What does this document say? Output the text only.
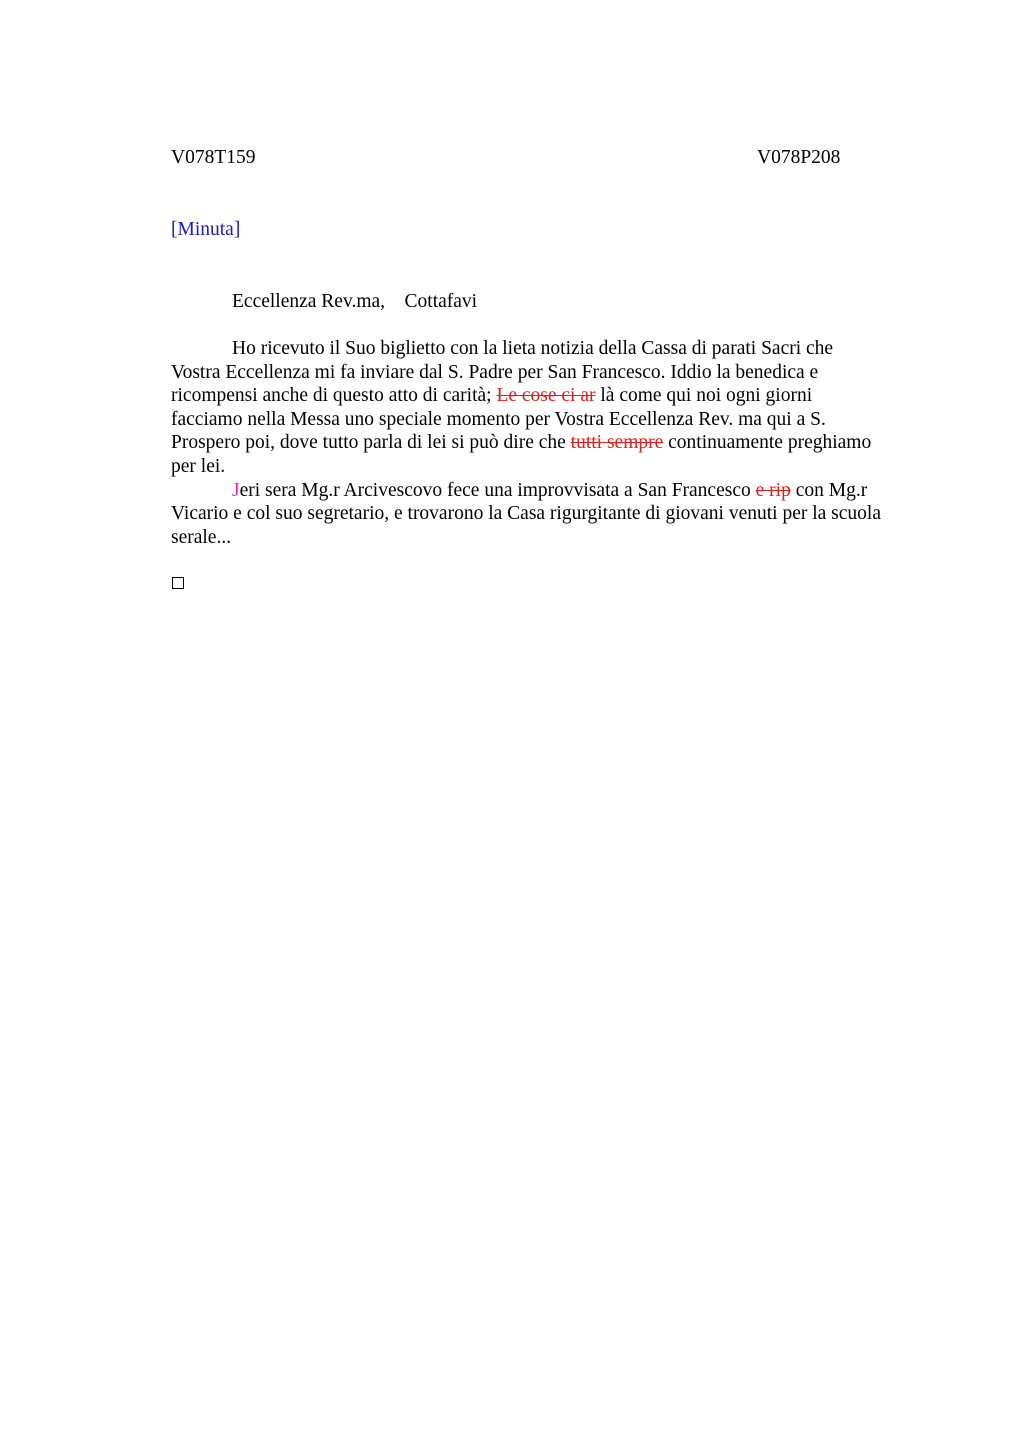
V078T159	V078P208
[Minuta]
Eccellenza Rev.ma, Cottafavi
Ho ricevuto il Suo biglietto con la lieta notizia della Cassa di parati Sacri che
Vostra Eccellenza mi fa inviare dal S. Padre per San Francesco. Iddio la benedica e
ricompensi anche di questo atto di carità; Le cose ci ar là come qui noi ogni giorni
facciamo nella Messa uno speciale momento per Vostra Eccellenza Rev. ma qui a S.
Prospero poi, dove tutto parla di lei si può dire che tutti sempre continuamente preghiamo
per lei.
Jeri sera Mg.r Arcivescovo fece una improvvisata a San Francesco e rip con Mg.r
Vicario e col suo segretario, e trovarono la Casa rigurgitante di giovani venuti per la scuola
serale...
